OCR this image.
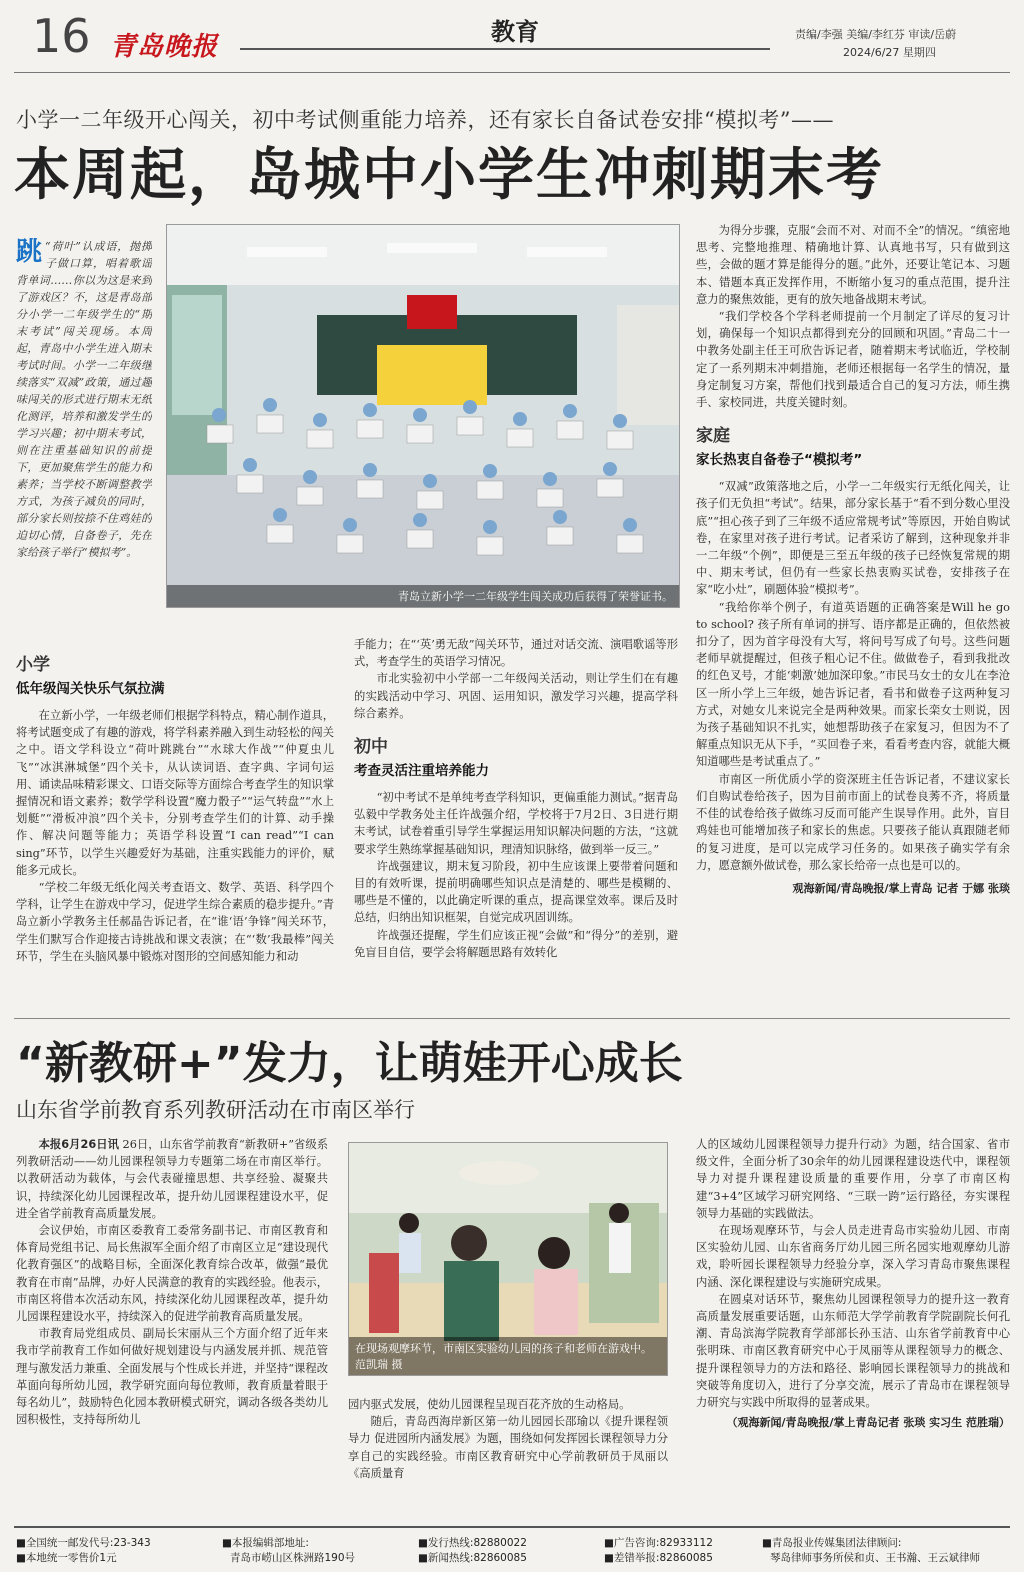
16 青岛晚报	教育	责编/李强 美编/李红芬 审读/岳蔚
2024/6/27 星期四
小学一二年级开心闯关，初中考试侧重能力培养，还有家长自备试卷安排“模拟考”——
本周起，岛城中小学生冲刺期末考

跳 “荷叶”认成语，抛掷子做口算，唱着歌谣背单词……你以为这是来到了游戏区？不，这是青岛部分小学一二年级学生的“期末考试”闯关现场。本周起，青岛中小学生进入期末考试时间。小学一二年级继续落实“双减”政策，通过趣味闯关的形式进行期末无纸化测评，培养和激发学生的学习兴趣；初中期末考试，则在注重基础知识的前提下，更加聚焦学生的能力和素养；当学校不断调整教学方式，为孩子减负的同时，部分家长则按捺不住鸡娃的迫切心情，自备卷子，先在家给孩子举行“模拟考”。

青岛立新小学一二年级学生闯关成功后获得了荣誉证书。

为得分步骤，克服“会而不对、对而不全”的情况。“缜密地思考、完整地推理、精确地计算、认真地书写，只有做到这些，会做的题才算是能得分的题。”此外，还要让笔记本、习题本、错题本真正发挥作用，不断缩小复习的重点范围，提升注意力的聚焦效能，更有的放矢地备战期末考试。

“我们学校各个学科老师提前一个月制定了详尽的复习计划，确保每一个知识点都得到充分的回顾和巩固。”青岛二十一中教务处副主任王可欣告诉记者，随着期末考试临近，学校制定了一系列期末冲刺措施，老师还根据每一名学生的情况，量身定制复习方案，帮他们找到最适合自己的复习方法，师生携手、家校同进，共度关键时刻。

家庭
家长热衷自备卷子“模拟考”

“双减”政策落地之后，小学一二年级实行无纸化闯关，让孩子们无负担“考试”。结果，部分家长基于“看不到分数心里没底”“担心孩子到了三年级不适应常规考试”等原因，开始自购试卷，在家里对孩子进行考试。记者采访了解到，这种现象并非一二年级“个例”，即便是三至五年级的孩子已经恢复常规的期中、期末考试，但仍有一些家长热衷购买试卷，安排孩子在家“吃小灶”，刷题体验“模拟考”。

“我给你举个例子，有道英语题的正确答案是Will he go to school? 孩子所有单词的拼写、语序都是正确的，但依然被扣分了，因为首字母没有大写，将问号写成了句号。这些问题老师早就提醒过，但孩子粗心记不住。做做卷子，看到我批改的红色叉号，才能‘刺激’她加深印象。”市民马女士的女儿在李沧区一所小学上三年级，她告诉记者，看书和做卷子这两种复习方式，对她女儿来说完全是两种效果。而家长栾女士则说，因为孩子基础知识不扎实，她想帮助孩子在家复习，但因为不了解重点知识无从下手，“买回卷子来，看看考查内容，就能大概知道哪些是考试重点了。”

市南区一所优质小学的资深班主任告诉记者，不建议家长们自购试卷给孩子，因为目前市面上的试卷良莠不齐，将质量不佳的试卷给孩子做练习反而可能产生误导作用。此外，盲目鸡娃也可能增加孩子和家长的焦虑。只要孩子能认真跟随老师的复习进度，是可以完成学习任务的。如果孩子确实学有余力，愿意额外做试卷，那么家长给帝一点也是可以的。

观海新闻/青岛晚报/掌上青岛 记者 于娜 张琰
小学
低年级闯关快乐气氛拉满

在立新小学，一年级老师们根据学科特点，精心制作道具，将考试题变成了有趣的游戏，将学科素养融入到生动轻松的闯关之中。语文学科设立“荷叶跳跳台”“水球大作战”“仲夏虫儿飞”“冰淇淋城堡”四个关卡，从认读词语、查字典、字词句运用、诵读品味精彩课文、口语交际等方面综合考查学生的知识掌握情况和语文素养；数学学科设置“魔力骰子”“运气转盘”“水上划艇”“滑板冲浪”四个关卡，分别考查学生们的计算、动手操作、解决问题等能力；英语学科设置“I can read”“I can sing”环节，以学生兴趣爱好为基础，注重实践能力的评价，赋能多元成长。

“学校二年级无纸化闯关考查语文、数学、英语、科学四个学科，让学生在游戏中学习，促进学生综合素质的稳步提升。”青岛立新小学教务主任郝晶告诉记者，在“谁‘语’争锋”闯关环节，学生们默写合作迎接古诗挑战和课文表演；在“‘数’我最棒”闯关环节，学生在头脑风暴中锻炼对图形的空间感知能力和动

手能力；在“‘英’勇无敌”闯关环节，通过对话交流、演唱歌谣等形式，考查学生的英语学习情况。

市北实验初中小学部一二年级闯关活动，则让学生们在有趣的实践活动中学习、巩固、运用知识，激发学习兴趣，提高学科综合素养。

初中
考查灵活注重培养能力

“初中考试不是单纯考查学科知识，更偏重能力测试。”据青岛弘毅中学教务处主任许战强介绍，学校将于7月2日、3日进行期末考试，试卷着重引导学生掌握运用知识解决问题的方法，“这就要求学生熟练掌握基础知识，理清知识脉络，做到举一反三。”

许战强建议，期末复习阶段，初中生应该课上要带着问题和目的有效听课，提前明确哪些知识点是清楚的、哪些是模糊的、哪些是不懂的，以此确定听课的重点，提高课堂效率。课后及时总结，归纳出知识框架，自觉完成巩固训练。

许战强还提醒，学生们应该正视“会做”和“得分”的差别，避免盲目自信，要学会将解题思路有效转化

“新教研+”发力，让萌娃开心成长
山东省学前教育系列教研活动在市南区举行

本报6月26日讯 26日，山东省学前教育“新教研+”省级系列教研活动——幼儿园课程领导力专题第二场在市南区举行。以教研活动为载体，与会代表碰撞思想、共享经验、凝聚共识，持续深化幼儿园课程改革，提升幼儿园课程建设水平，促进全省学前教育高质量发展。

会议伊始，市南区委教育工委常务副书记、市南区教育和体育局党组书记、局长焦淑军全面介绍了市南区立足“建设现代化教育强区”的战略目标，全面深化教育综合改革，做强“最优教育在市南”品牌，办好人民满意的教育的实践经验。他表示，市南区将借本次活动东风，持续深化幼儿园课程改革，提升幼儿园课程建设水平，持续深入的促进学前教育高质量发展。

市教育局党组成员、副局长宋丽从三个方面介绍了近年来我市学前教育工作如何做好规划建设与内涵发展并抓、规范管理与激发活力兼重、全面发展与个性成长并进，并坚持“课程改革面向每所幼儿园，教学研究面向每位教师，教育质量着眼于每名幼儿”，鼓励特色化园本教研模式研究，调动各级各类幼儿园积极性，支持每所幼儿

在现场观摩环节，市南区实验幼儿园的孩子和老师在游戏中。 范凯瑞 摄

园内驱式发展，使幼儿园课程呈现百花齐放的生动格局。

随后，青岛西海岸新区第一幼儿园园长邵瑜以《提升课程领导力 促进园所内涵发展》为题，围绕如何发挥园长课程领导力分享自己的实践经验。市南区教育研究中心学前教研员于凤丽以《高质量育

人的区域幼儿园课程领导力提升行动》为题，结合国家、省市级文件，全面分析了30余年的幼儿园课程建设迭代中，课程领导力对提升课程建设质量的重要作用，分享了市南区构建“3+4”区域学习研究网络、“三联一跨”运行路径，夯实课程领导力基础的实践做法。

在现场观摩环节，与会人员走进青岛市实验幼儿园、市南区实验幼儿园、山东省商务厅幼儿园三所名园实地观摩幼儿游戏，聆听园长课程领导力经验分享，深入学习青岛市聚焦课程内涵、深化课程建设与实施研究成果。

在圆桌对话环节，聚焦幼儿园课程领导力的提升这一教育高质量发展重要话题，山东师范大学学前教育学院副院长何孔潮、青岛滨海学院教育学部部长孙玉洁、山东省学前教育中心张明珠、市南区教育研究中心于凤丽等从课程领导力的概念、提升课程领导力的方法和路径、影响园长课程领导力的挑战和突破等角度切入，进行了分享交流，展示了青岛市在课程领导力研究与实践中所取得的显著成果。

（观海新闻/青岛晚报/掌上青岛记者 张琰 实习生 范胜瑞）
■全国统一邮发代号:23-343
■本地统一零售价1元
■本报编辑部地址:
青岛市崂山区株洲路190号
■发行热线:82880022
■新闻热线:82860085
■广告咨询:82933112
■差错举报:82860085
■青岛报业传媒集团法律顾问:
琴岛律师事务所侯和贞、王书瀚、王云斌律师
